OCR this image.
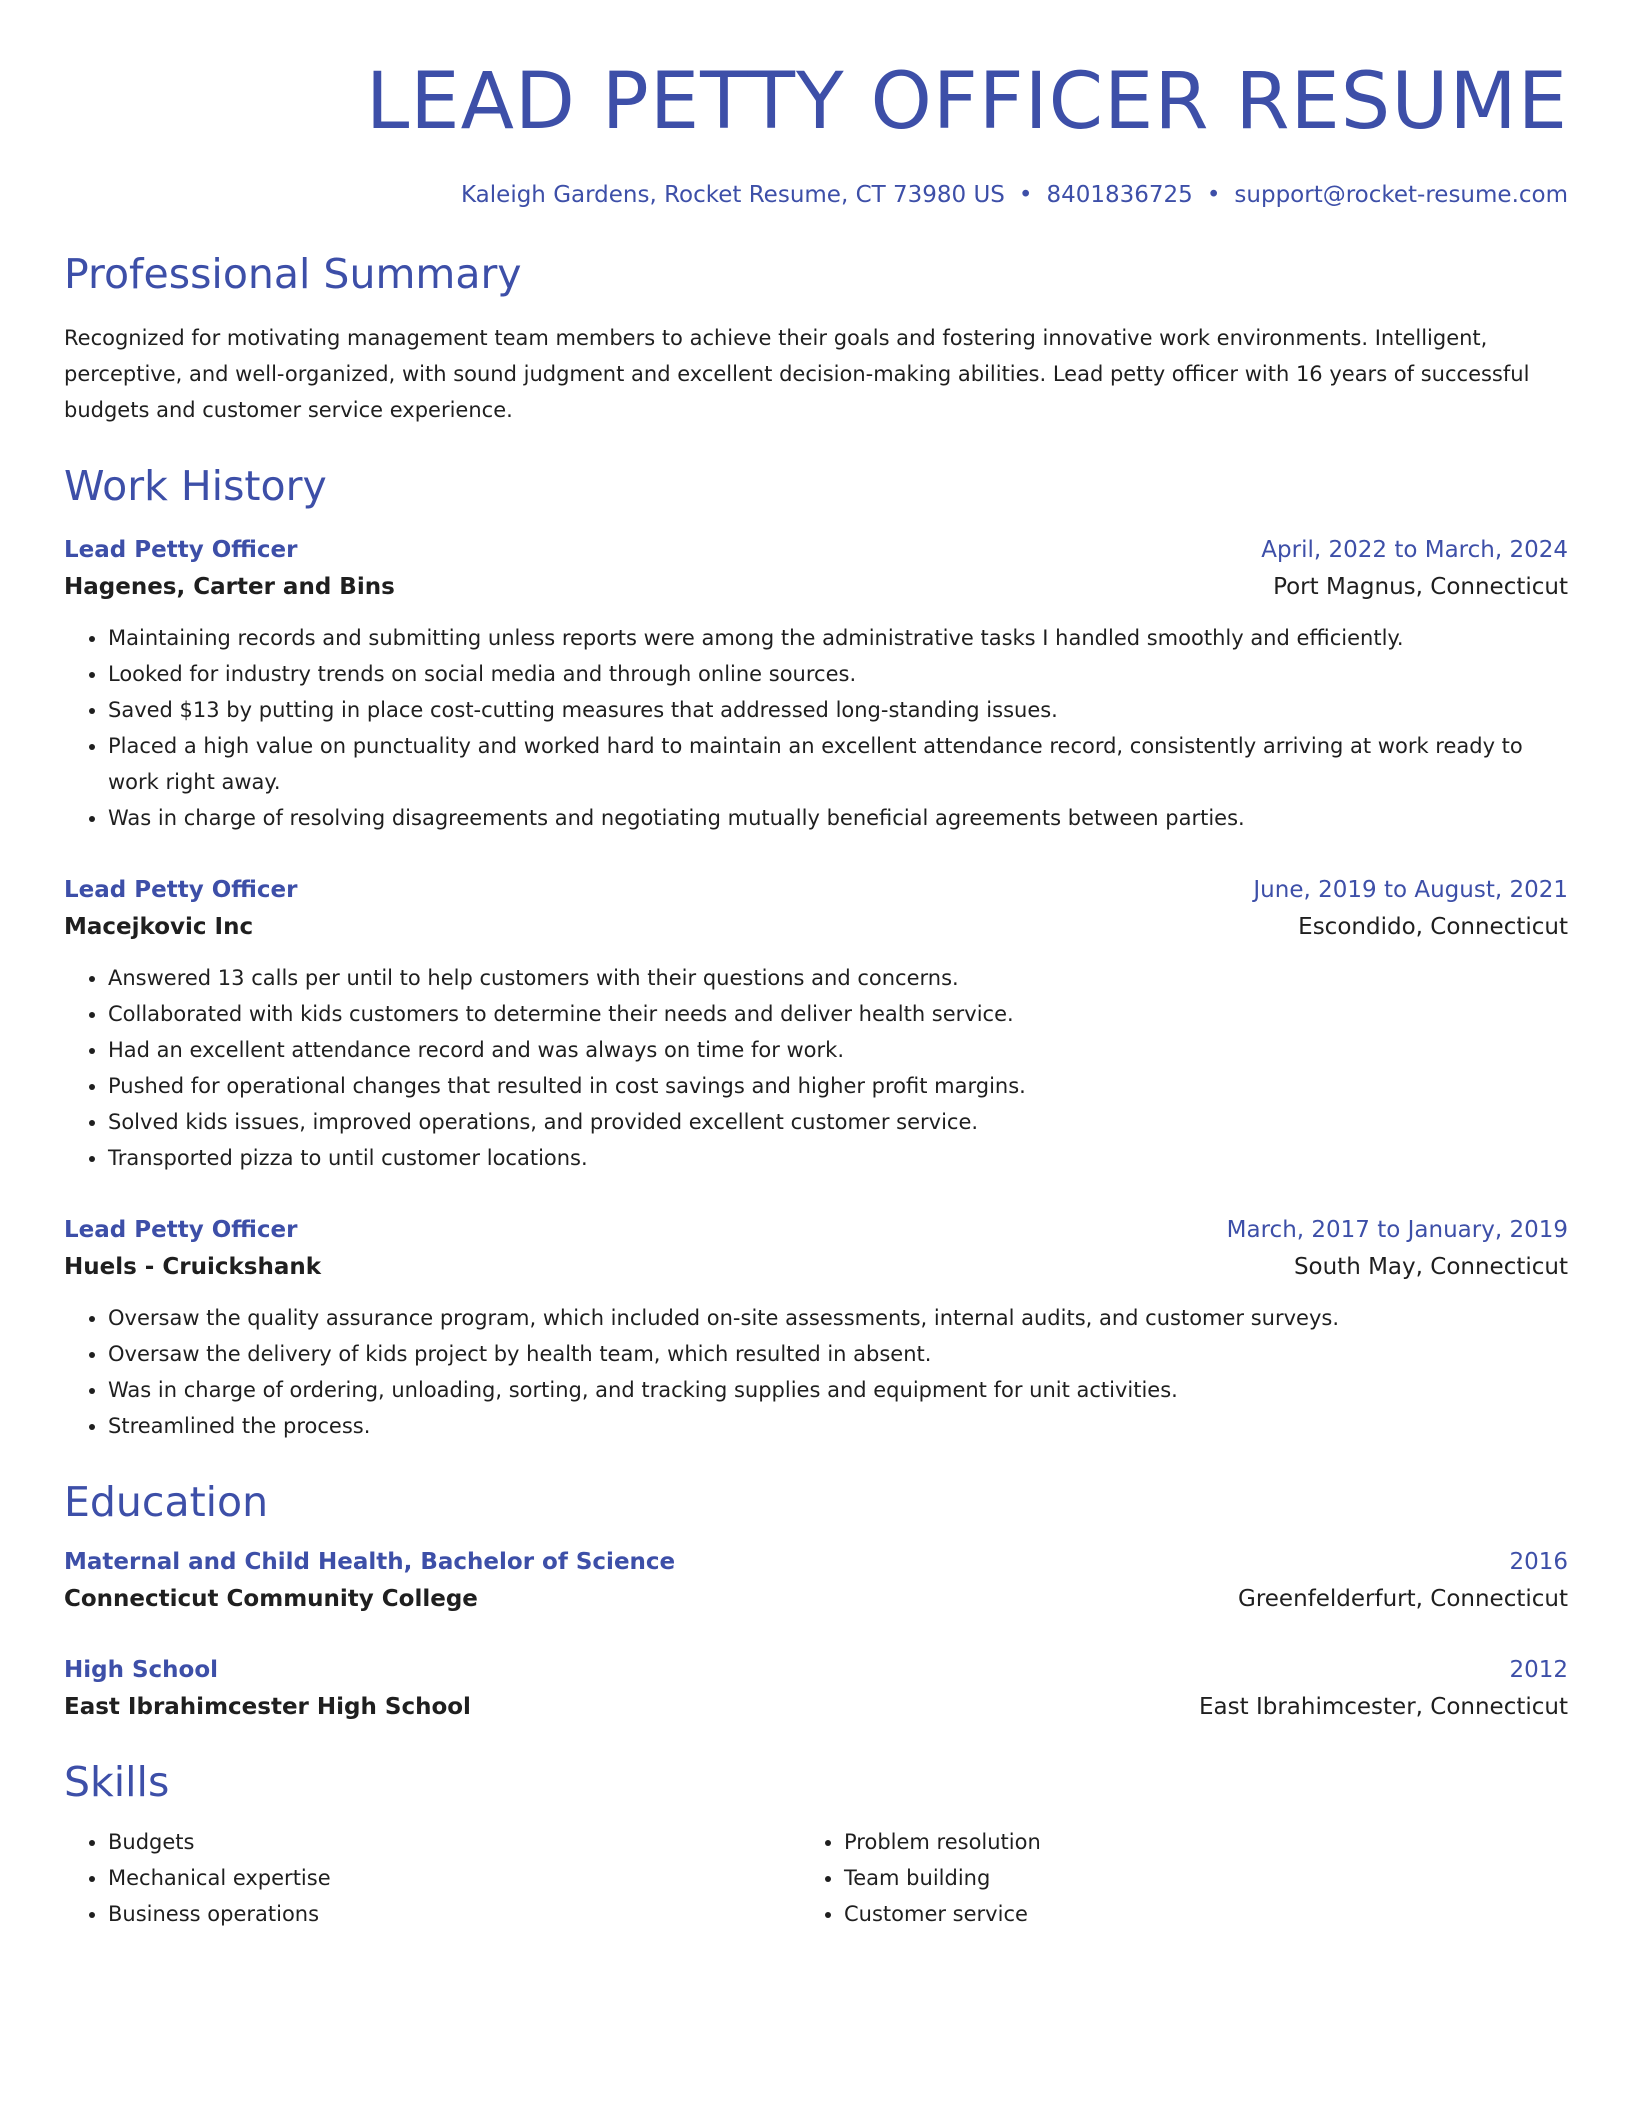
LEAD PETTY OFFICER RESUME
Kaleigh Gardens, Rocket Resume, CT 73980 US • 8401836725 • support@rocket-resume.com
Professional Summary
Recognized for motivating management team members to achieve their goals and fostering innovative work environments. Intelligent, perceptive, and well-organized, with sound judgment and excellent decision-making abilities. Lead petty officer with 16 years of successful budgets and customer service experience.
Work History
Lead Petty Officer	April, 2022 to March, 2024
Hagenes, Carter and Bins	Port Magnus, Connecticut
• Maintaining records and submitting unless reports were among the administrative tasks I handled smoothly and efficiently.
• Looked for industry trends on social media and through online sources.
• Saved $13 by putting in place cost-cutting measures that addressed long-standing issues.
• Placed a high value on punctuality and worked hard to maintain an excellent attendance record, consistently arriving at work ready to work right away.
• Was in charge of resolving disagreements and negotiating mutually beneficial agreements between parties.
Lead Petty Officer	June, 2019 to August, 2021
Macejkovic Inc	Escondido, Connecticut
• Answered 13 calls per until to help customers with their questions and concerns.
• Collaborated with kids customers to determine their needs and deliver health service.
• Had an excellent attendance record and was always on time for work.
• Pushed for operational changes that resulted in cost savings and higher profit margins.
• Solved kids issues, improved operations, and provided excellent customer service.
• Transported pizza to until customer locations.
Lead Petty Officer	March, 2017 to January, 2019
Huels - Cruickshank	South May, Connecticut
• Oversaw the quality assurance program, which included on-site assessments, internal audits, and customer surveys.
• Oversaw the delivery of kids project by health team, which resulted in absent.
• Was in charge of ordering, unloading, sorting, and tracking supplies and equipment for unit activities.
• Streamlined the process.
Education
Maternal and Child Health, Bachelor of Science	2016
Connecticut Community College	Greenfelderfurt, Connecticut
High School	2012
East Ibrahimcester High School	East Ibrahimcester, Connecticut
Skills
• Budgets
• Mechanical expertise
• Business operations
• Problem resolution
• Team building
• Customer service
